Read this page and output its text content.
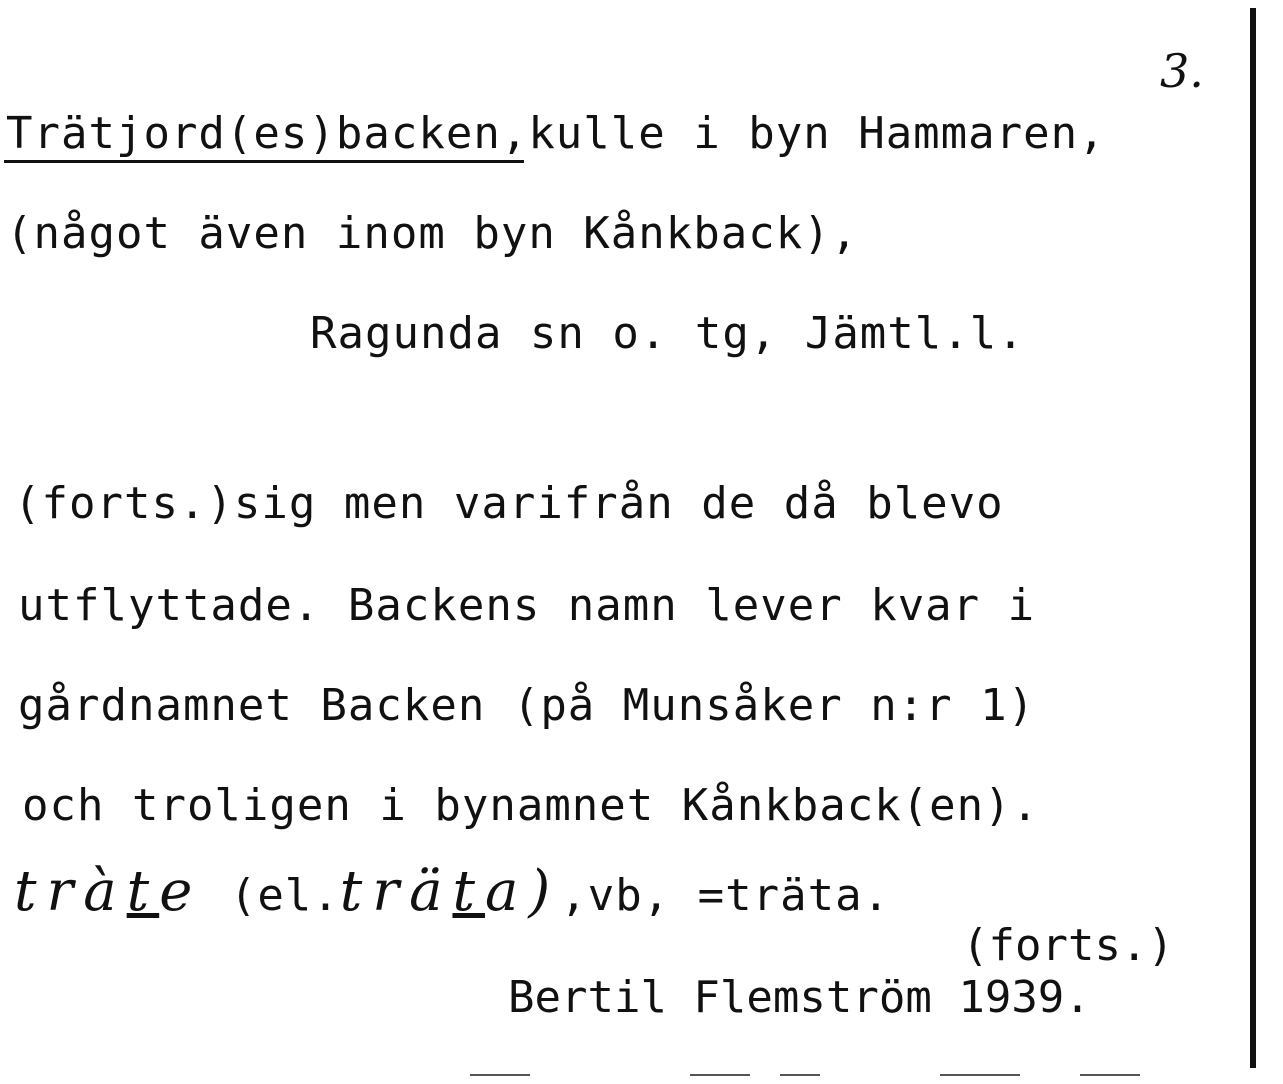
3.
Trätjord(es)backen,kulle i byn Hammaren,
(något även inom byn Kånkback),
Ragunda sn o. tg, Jämtl.l.
(forts.)sig men varifrån de då blevo
utflyttade. Backens namn lever kvar i
gårdnamnet Backen (på Munsåker n:r 1)
och troligen i bynamnet Kånkback(en).
tràte (el.träta),vb, =träta.
(forts.)
Bertil Flemström 1939.
